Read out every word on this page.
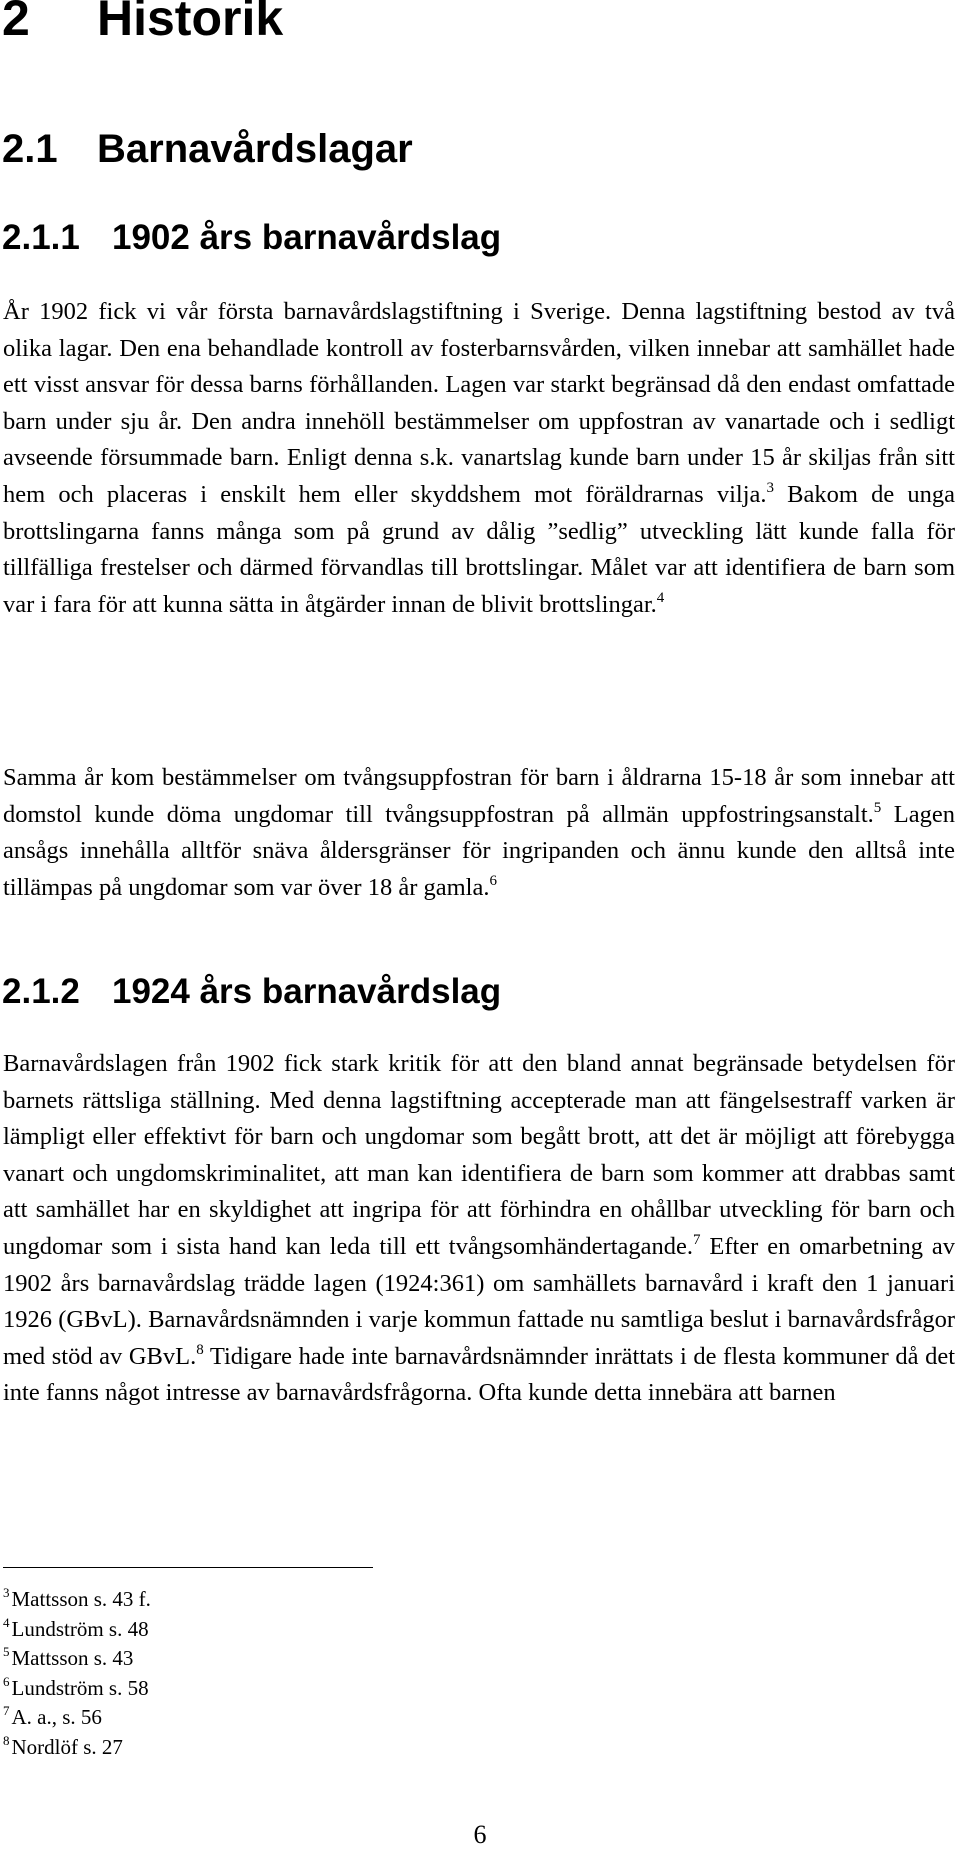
2 Historik
2.1 Barnavårdslagar
2.1.1 1902 års barnavårdslag

År 1902 fick vi vår första barnavårdslagstiftning i Sverige. Denna lagstiftning bestod av två olika lagar. Den ena behandlade kontroll av fosterbarnsvården, vilken innebar att samhället hade ett visst ansvar för dessa barns förhållanden. Lagen var starkt begränsad då den endast omfattade barn under sju år. Den andra innehöll bestämmelser om uppfostran av vanartade och i sedligt avseende försummade barn. Enligt denna s.k. vanartslag kunde barn under 15 år skiljas från sitt hem och placeras i enskilt hem eller skyddshem mot föräldrarnas vilja.$^3$ Bakom de unga brottslingarna fanns många som på grund av dålig ”sedlig” utveckling lätt kunde falla för tillfälliga frestelser och därmed förvandlas till brottslingar. Målet var att identifiera de barn som var i fara för att kunna sätta in åtgärder innan de blivit brottslingar.$^4$

Samma år kom bestämmelser om tvångsuppfostran för barn i åldrarna 15-18 år som innebar att domstol kunde döma ungdomar till tvångsuppfostran på allmän uppfostringsanstalt.$^5$ Lagen ansågs innehålla alltför snäva åldersgränser för ingripanden och ännu kunde den alltså inte tillämpas på ungdomar som var över 18 år gamla.$^6$

2.1.2 1924 års barnavårdslag

Barnavårdslagen från 1902 fick stark kritik för att den bland annat begränsade betydelsen för barnets rättsliga ställning. Med denna lagstiftning accepterade man att fängelsestraff varken är lämpligt eller effektivt för barn och ungdomar som begått brott, att det är möjligt att förebygga vanart och ungdomskriminalitet, att man kan identifiera de barn som kommer att drabbas samt att samhället har en skyldighet att ingripa för att förhindra en ohållbar utveckling för barn och ungdomar som i sista hand kan leda till ett tvångsomhändertagande.$^7$ Efter en omarbetning av 1902 års barnavårdslag trädde lagen (1924:361) om samhällets barnavård i kraft den 1 januari 1926 (GBvL). Barnavårdsnämnden i varje kommun fattade nu samtliga beslut i barnavårdsfrågor med stöd av GBvL.$^8$ Tidigare hade inte barnavårdsnämnder inrättats i de flesta kommuner då det inte fanns något intresse av barnavårdsfrågorna. Ofta kunde detta innebära att barnen

$^3$Mattsson s. 43 f.
$^4$Lundström s. 48
$^5$Mattsson s. 43
$^6$Lundström s. 58
$^7$A. a., s. 56
$^8$Nordlöf s. 27
6
